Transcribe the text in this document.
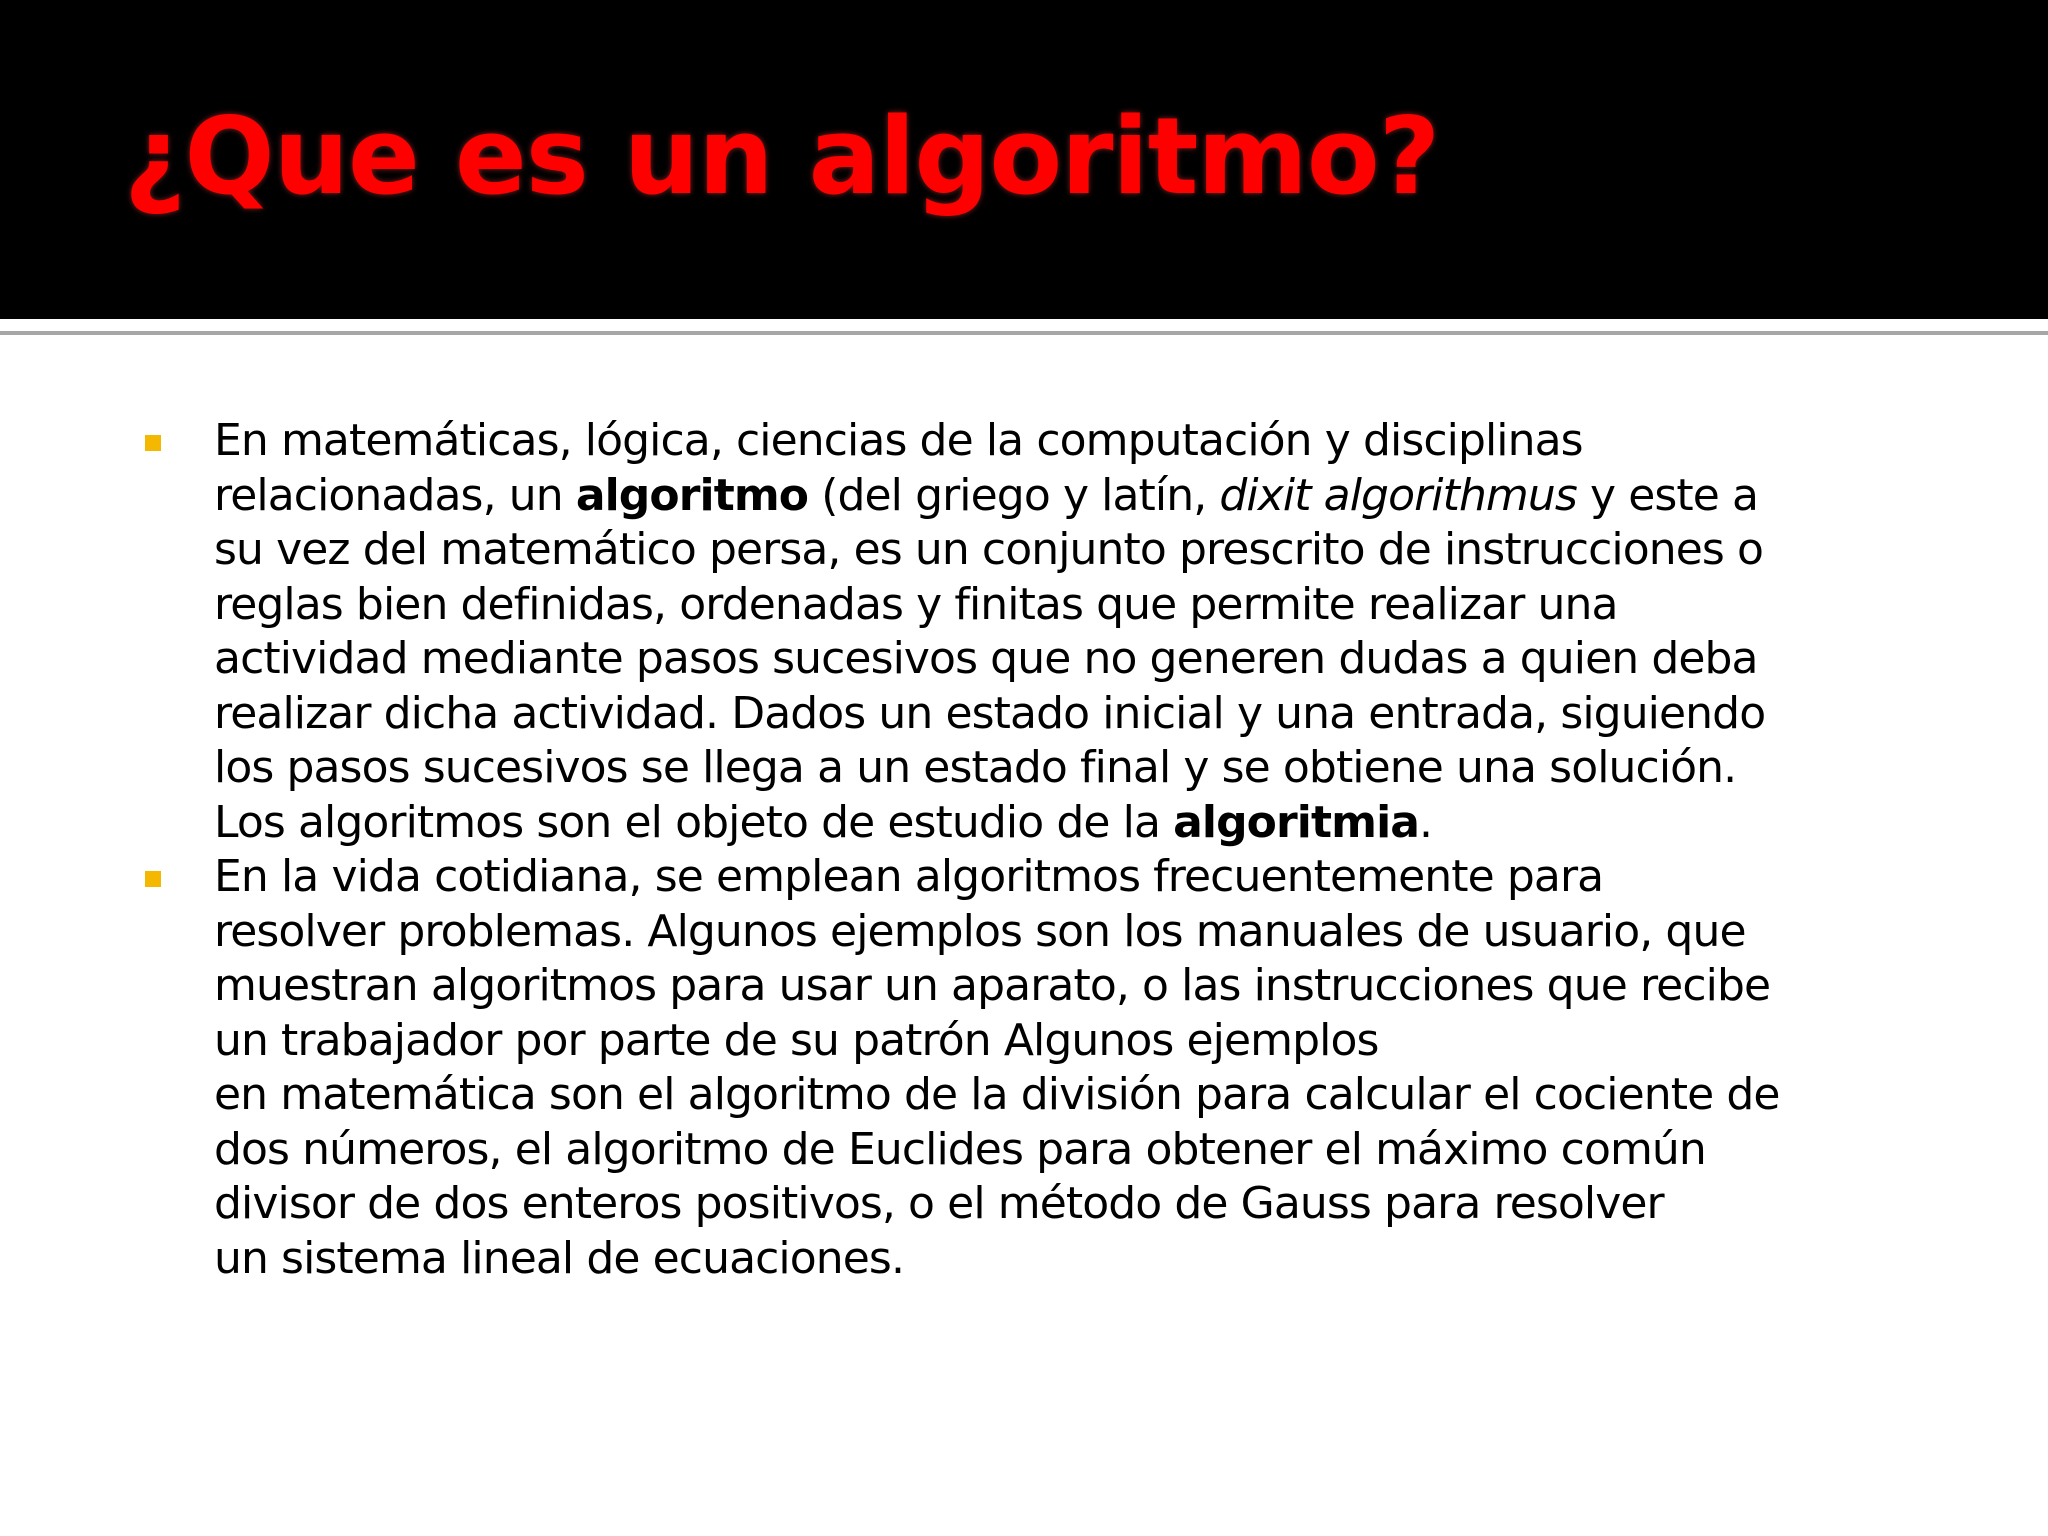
¿Que es un algoritmo?
En matemáticas, lógica, ciencias de la computación y disciplinas
relacionadas, un algoritmo (del griego y latín, dixit algorithmus y este a
su vez del matemático persa, es un conjunto prescrito de instrucciones o
reglas bien definidas, ordenadas y finitas que permite realizar una
actividad mediante pasos sucesivos que no generen dudas a quien deba
realizar dicha actividad. Dados un estado inicial y una entrada, siguiendo
los pasos sucesivos se llega a un estado final y se obtiene una solución.
Los algoritmos son el objeto de estudio de la algoritmia.
En la vida cotidiana, se emplean algoritmos frecuentemente para
resolver problemas. Algunos ejemplos son los manuales de usuario, que
muestran algoritmos para usar un aparato, o las instrucciones que recibe
un trabajador por parte de su patrón Algunos ejemplos
en matemática son el algoritmo de la división para calcular el cociente de
dos números, el algoritmo de Euclides para obtener el máximo común
divisor de dos enteros positivos, o el método de Gauss para resolver
un sistema lineal de ecuaciones.
